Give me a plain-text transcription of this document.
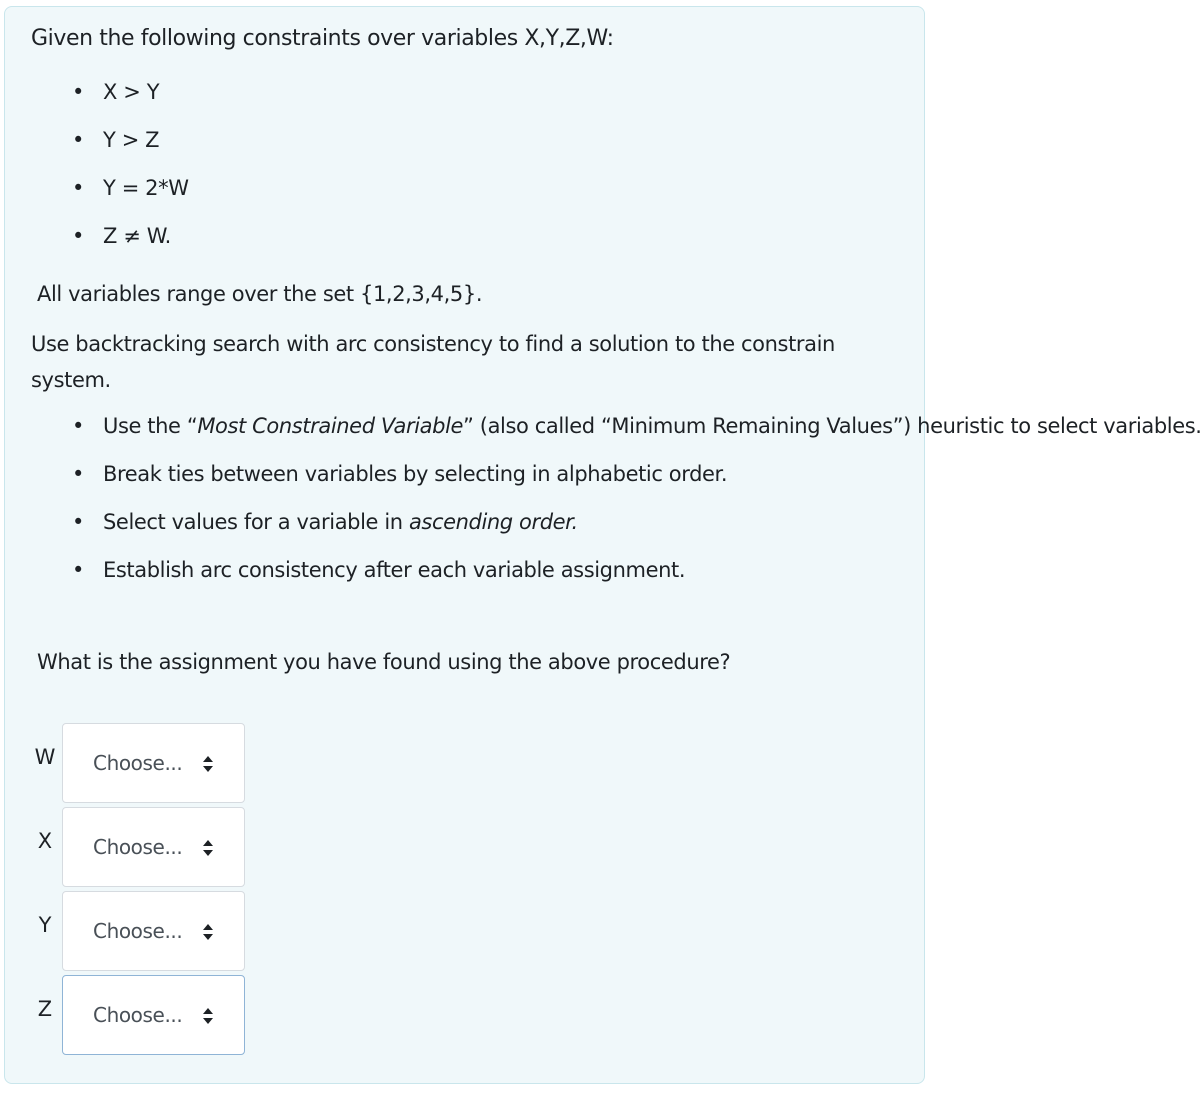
Given the following constraints over variables X,Y,Z,W:

• X > Y
• Y > Z
• Y = 2*W
• Z ≠ W.

All variables range over the set {1,2,3,4,5}.

Use backtracking search with arc consistency to find a solution to the constrain system.

• Use the “Most Constrained Variable” (also called “Minimum Remaining Values”) heuristic to select variables.
• Break ties between variables by selecting in alphabetic order.
• Select values for a variable in ascending order.
• Establish arc consistency after each variable assignment.

What is the assignment you have found using the above procedure?

W	Choose...
X	Choose...
Y	Choose...
Z	Choose...
